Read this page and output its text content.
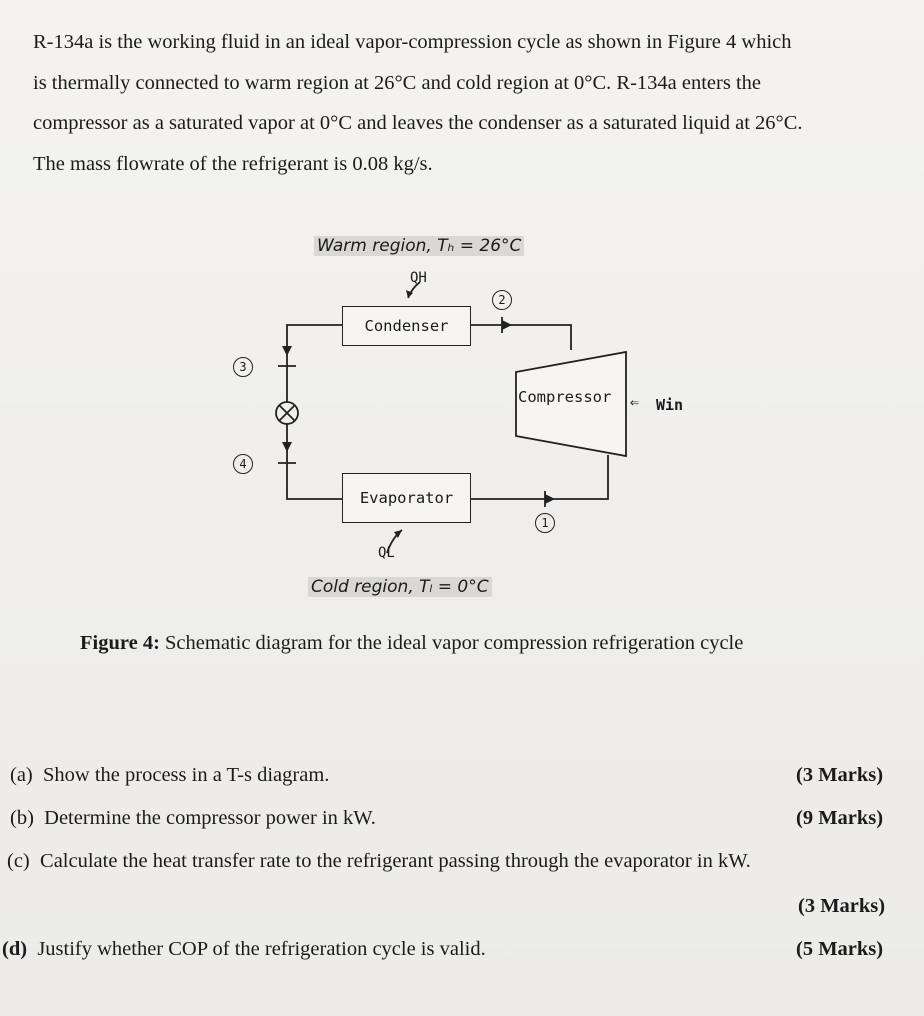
R-134a is the working fluid in an ideal vapor-compression cycle as shown in Figure 4 which
is thermally connected to warm region at 26°C and cold region at 0°C. R-134a enters the
compressor as a saturated vapor at 0°C and leaves the condenser as a saturated liquid at 26°C.
The mass flowrate of the refrigerant is 0.08 kg/s.
Warm region, Tₕ = 26°C
QH
Condenser
Evaporator
Compressor ⇐ Win
QL
Cold region, Tₗ = 0°C
1
2
3
4
Figure 4: Schematic diagram for the ideal vapor compression refrigeration cycle
(a) Show the process in a T-s diagram.	(3 Marks)
(b) Determine the compressor power in kW.	(9 Marks)
(c) Calculate the heat transfer rate to the refrigerant passing through the evaporator in kW.
(3 Marks)
(d) Justify whether COP of the refrigeration cycle is valid.	(5 Marks)
